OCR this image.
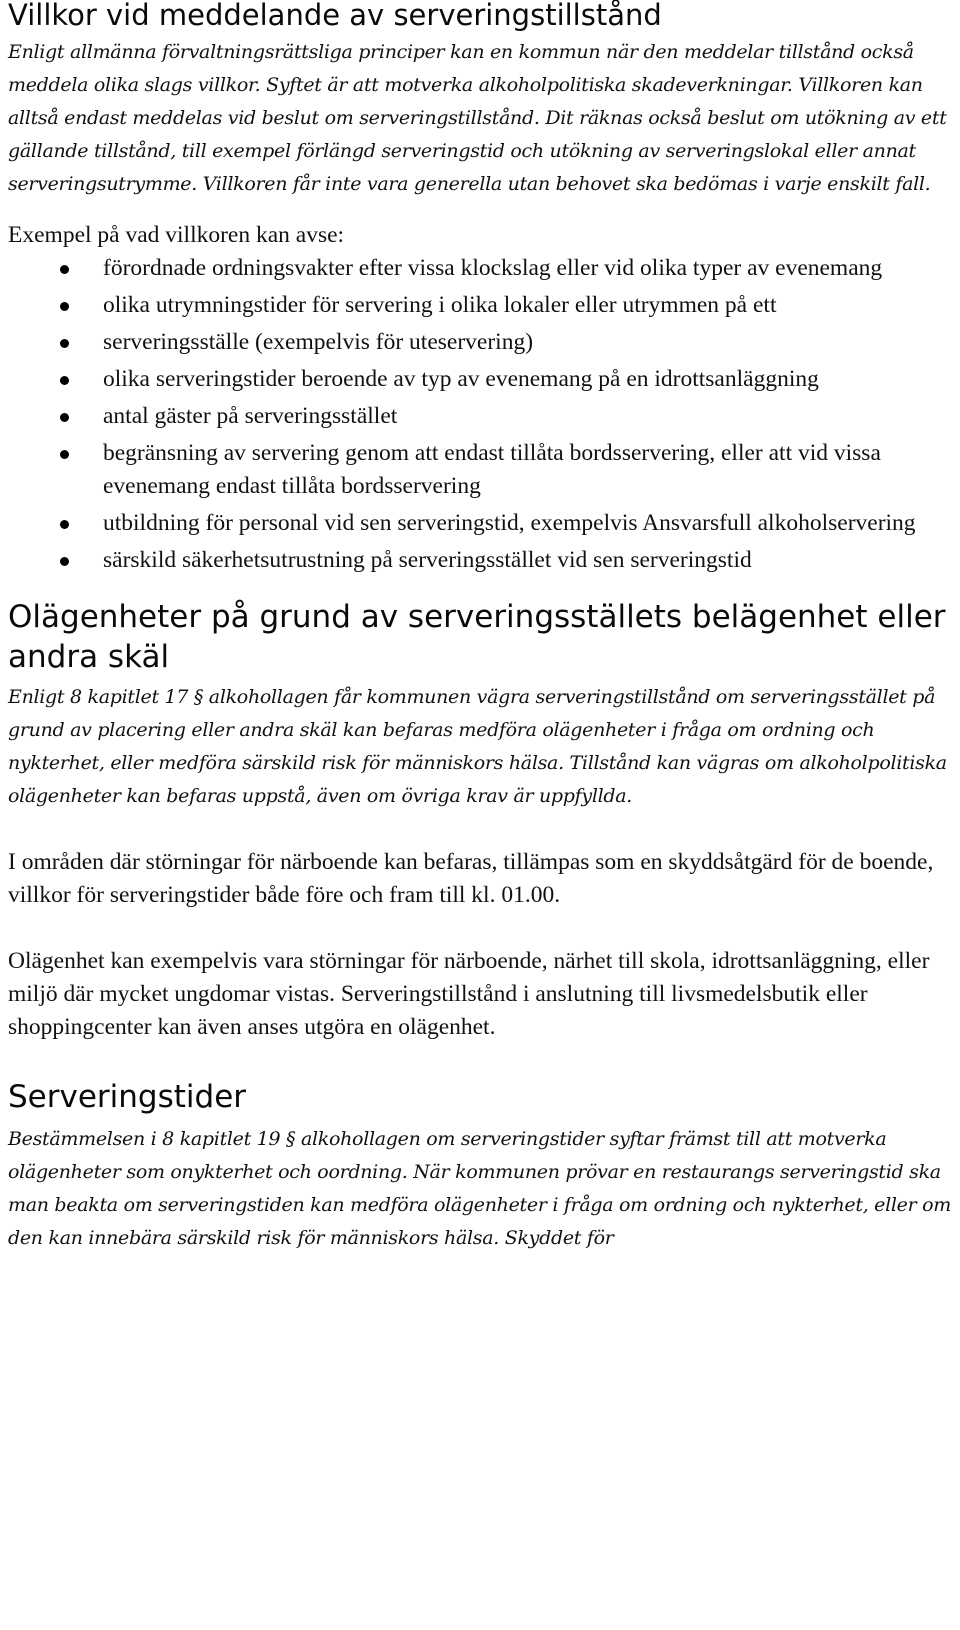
Villkor vid meddelande av serveringstillstånd

Enligt allmänna förvaltningsrättsliga principer kan en kommun när den meddelar tillstånd också meddela olika slags villkor. Syftet är att motverka alkoholpolitiska skadeverkningar. Villkoren kan alltså endast meddelas vid beslut om serveringstillstånd. Dit räknas också beslut om utökning av ett gällande tillstånd, till exempel förlängd serveringstid och utökning av serveringslokal eller annat serveringsutrymme. Villkoren får inte vara generella utan behovet ska bedömas i varje enskilt fall.

Exempel på vad villkoren kan avse:

förordnade ordningsvakter efter vissa klockslag eller vid olika typer av evenemang
olika utrymningstider för servering i olika lokaler eller utrymmen på ett
serveringsställe (exempelvis för uteservering)
olika serveringstider beroende av typ av evenemang på en idrottsanläggning
antal gäster på serveringsstället
begränsning av servering genom att endast tillåta bordsservering, eller att vid vissa evenemang endast tillåta bordsservering
utbildning för personal vid sen serveringstid, exempelvis Ansvarsfull alkoholservering
särskild säkerhetsutrustning på serveringsstället vid sen serveringstid
Olägenheter på grund av serveringsställets belägenhet eller andra skäl

Enligt 8 kapitlet 17 § alkohollagen får kommunen vägra serveringstillstånd om serveringsstället på grund av placering eller andra skäl kan befaras medföra olägenheter i fråga om ordning och nykterhet, eller medföra särskild risk för människors hälsa. Tillstånd kan vägras om alkoholpolitiska olägenheter kan befaras uppstå, även om övriga krav är uppfyllda.

I områden där störningar för närboende kan befaras, tillämpas som en skyddsåtgärd för de boende, villkor för serveringstider både före och fram till kl. 01.00.

Olägenhet kan exempelvis vara störningar för närboende, närhet till skola, idrottsanläggning, eller miljö där mycket ungdomar vistas. Serveringstillstånd i anslutning till livsmedelsbutik eller shoppingcenter kan även anses utgöra en olägenhet.

Serveringstider

Bestämmelsen i 8 kapitlet 19 § alkohollagen om serveringstider syftar främst till att motverka olägenheter som onykterhet och oordning. När kommunen prövar en restaurangs serveringstid ska man beakta om serveringstiden kan medföra olägenheter i fråga om ordning och nykterhet, eller om den kan innebära särskild risk för människors hälsa. Skyddet för
